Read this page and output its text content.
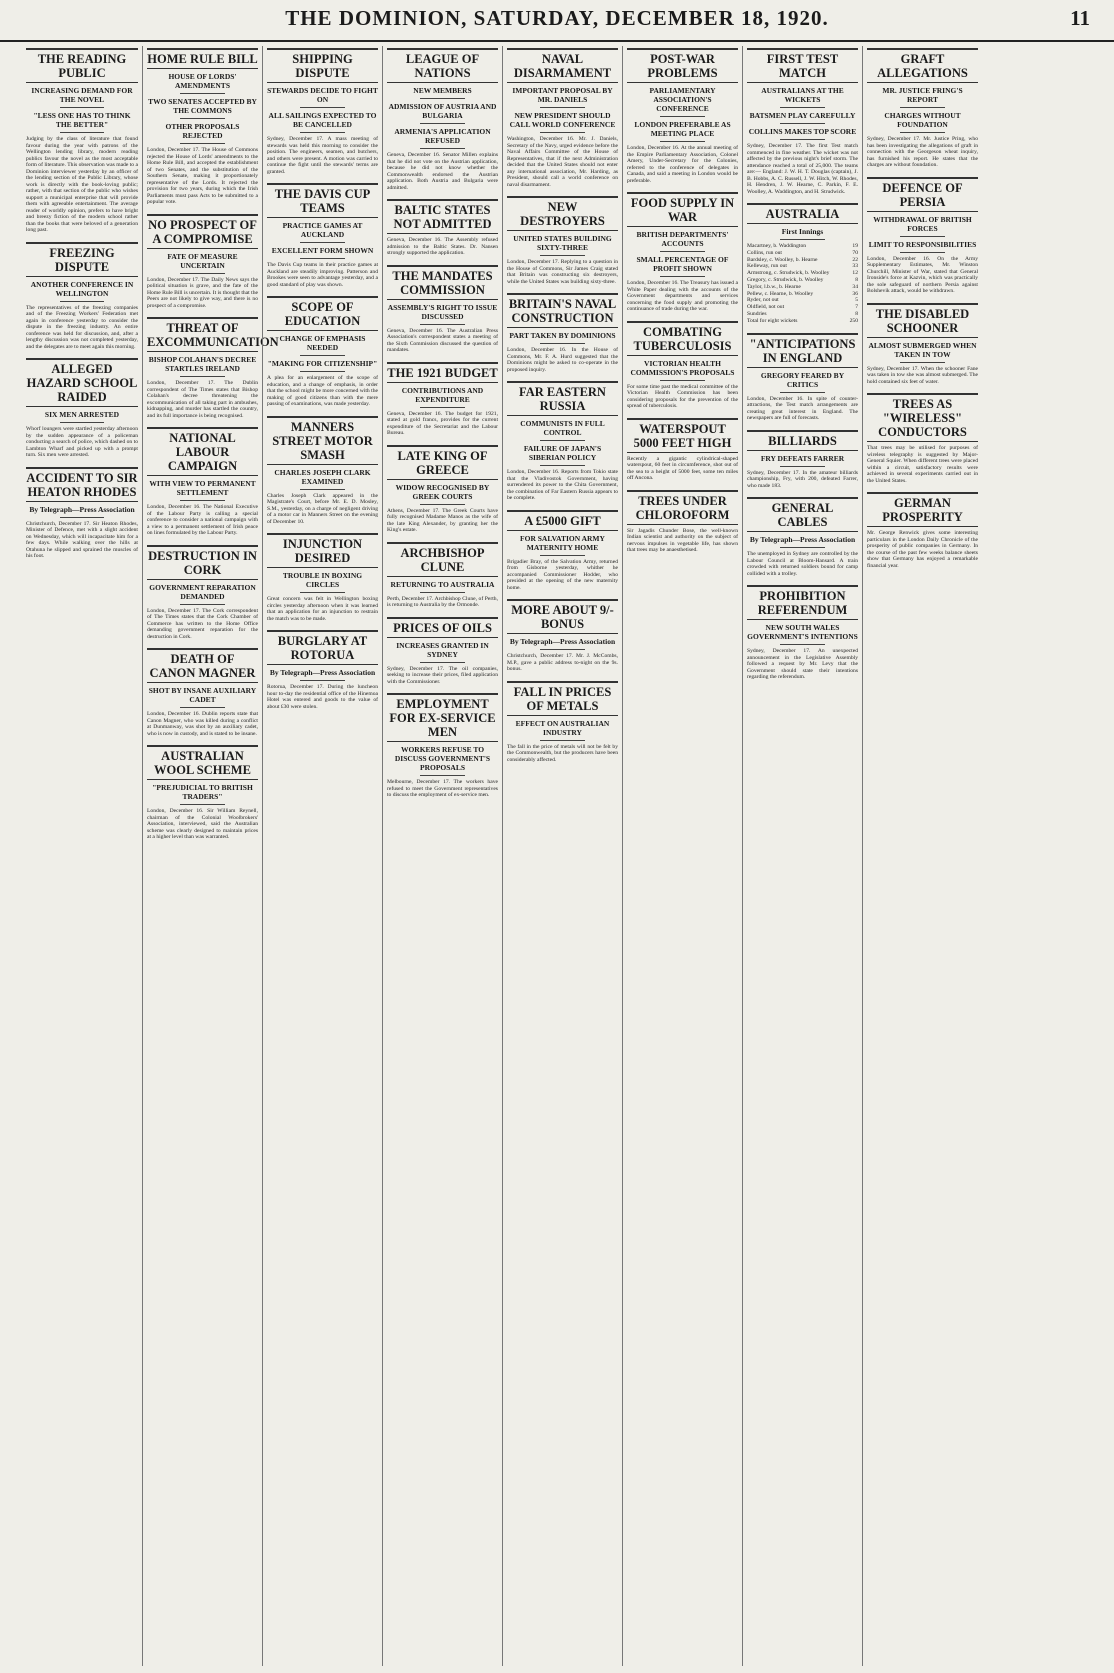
THE DOMINION, SATURDAY, DECEMBER 18, 1920.	11
THE READING PUBLIC
INCREASING DEMAND FOR THE NOVEL
"LESS ONE HAS TO THINK THE BETTER"
Judging by the class of literature that found favour during the year with patrons of the Wellington lending library, modern reading publics favour the novel as the most acceptable form of literature. This observation was made to a Dominion interviewer yesterday by an officer of the lending section of the Public Library, whose work is directly with the book-loving public; rather, with that section of the public who wishes support a municipal enterprise that will provide them with agreeable entertainment. The average reader of worldly opinion, prefers to have bright and breezy fiction of the modern school rather than the books that were beloved of a generation long past.
FREEZING DISPUTE
ANOTHER CONFERENCE IN WELLINGTON
The representatives of the freezing companies and of the Freezing Workers' Federation met again in conference yesterday to consider the dispute in the freezing industry. An entire conference was held for discussion, and, after a lengthy discussion was not completed yesterday, and the delegates are to meet again this morning.
ALLEGED HAZARD SCHOOL RAIDED
SIX MEN ARRESTED
Whorf loungers were startled yesterday afternoon by the sudden appearance of a policeman conducting a search of police, which dashed on to Lambton Wharf and picked up with a prompt turn. Six men were arrested.
ACCIDENT TO SIR HEATON RHODES
By Telegraph—Press Association
Christchurch, December 17. Sir Heaton Rhodes, Minister of Defence, met with a slight accident on Wednesday, which will incapacitate him for a few days. While walking over the hills at Otahuna he slipped and sprained the muscles of his foot.
HOME RULE BILL
HOUSE OF LORDS' AMENDMENTS
TWO SENATES ACCEPTED BY THE COMMONS
OTHER PROPOSALS REJECTED
London, December 17. The House of Commons rejected the House of Lords' amendments to the Home Rule Bill, and accepted the establishment of two Senates, and the substitution of the Southern Senate, making it proportionately representative of the Lords. It rejected the provision for two years, during which the Irish Parliaments must pass Acts to be submitted to a popular vote.
NO PROSPECT OF A COMPROMISE
FATE OF MEASURE UNCERTAIN
London, December 17. The Daily News says the political situation is grave, and the fate of the Home Rule Bill is uncertain. It is thought that the Peers are not likely to give way, and there is no prospect of a compromise.
THREAT OF EXCOMMUNICATION
BISHOP COLAHAN'S DECREE STARTLES IRELAND
London, December 17. The Dublin correspondent of The Times states that Bishop Colahan's decree threatening the excommunication of all taking part in ambushes, kidnapping, and murder has startled the country, and its full importance is being recognised.
NATIONAL LABOUR CAMPAIGN
WITH VIEW TO PERMANENT SETTLEMENT
London, December 16. The National Executive of the Labour Party is calling a special conference to consider a national campaign with a view to a permanent settlement of Irish peace on lines formulated by the Labour Party.
DESTRUCTION IN CORK
GOVERNMENT REPARATION DEMANDED
London, December 17. The Cork correspondent of The Times states that the Cork Chamber of Commerce has written to the Home Office demanding government reparation for the destruction in Cork.
DEATH OF CANON MAGNER
SHOT BY INSANE AUXILIARY CADET
London, December 16. Dublin reports state that Canon Magner, who was killed during a conflict at Dunmanway, was shot by an auxiliary cadet, who is now in custody, and is stated to be insane.
AUSTRALIAN WOOL SCHEME
"PREJUDICIAL TO BRITISH TRADERS"
London, December 16. Sir William Reynell, chairman of the Colonial Woolbrokers' Association, interviewed, said the Australian scheme was clearly designed to maintain prices at a higher level than was warranted.
SHIPPING DISPUTE
STEWARDS DECIDE TO FIGHT ON
ALL SAILINGS EXPECTED TO BE CANCELLED
Sydney, December 17. A mass meeting of stewards was held this morning to consider the position. The engineers, seamen, and butchers, and others were present. A motion was carried to continue the fight until the stewards' terms are granted.
THE DAVIS CUP TEAMS
PRACTICE GAMES AT AUCKLAND
EXCELLENT FORM SHOWN
The Davis Cup teams in their practice games at Auckland are steadily improving. Patterson and Brookes were seen to advantage yesterday, and a good standard of play was shown.
SCOPE OF EDUCATION
CHANGE OF EMPHASIS NEEDED
"MAKING FOR CITIZENSHIP"
A plea for an enlargement of the scope of education, and a change of emphasis, in order that the school might be more concerned with the making of good citizens than with the mere passing of examinations, was made yesterday.
MANNERS STREET MOTOR SMASH
CHARLES JOSEPH CLARK EXAMINED
Charles Joseph Clark appeared in the Magistrate's Court, before Mr. E. D. Mosley, S.M., yesterday, on a charge of negligent driving of a motor car in Manners Street on the evening of December 10.
INJUNCTION DESIRED
TROUBLE IN BOXING CIRCLES
Great concern was felt in Wellington boxing circles yesterday afternoon when it was learned that an application for an injunction to restrain the match was to be made.
BURGLARY AT ROTORUA
By Telegraph—Press Association
Rotorua, December 17. During the luncheon hour to-day the residential office of the Hinemoa Hotel was entered and goods to the value of about £30 were stolen.
LEAGUE OF NATIONS
NEW MEMBERS
ADMISSION OF AUSTRIA AND BULGARIA
ARMENIA'S APPLICATION REFUSED
Geneva, December 16. Senator Millen explains that he did not vote on the Austrian application, because he did not know whether the Commonwealth endorsed the Austrian application. Both Austria and Bulgaria were admitted.
BALTIC STATES NOT ADMITTED
Geneva, December 16. The Assembly refused admission to the Baltic States. Dr. Nansen strongly supported the application.
THE MANDATES COMMISSION
ASSEMBLY'S RIGHT TO ISSUE DISCUSSED
Geneva, December 16. The Australian Press Association's correspondent states a meeting of the Sixth Commission discussed the question of mandates.
THE 1921 BUDGET
CONTRIBUTIONS AND EXPENDITURE
Geneva, December 16. The budget for 1921, stated at gold francs, provides for the current expenditure of the Secretariat and the Labour Bureau.
LATE KING OF GREECE
WIDOW RECOGNISED BY GREEK COURTS
Athens, December 17. The Greek Courts have fully recognised Madame Manos as the wife of the late King Alexander, by granting her the King's estate.
ARCHBISHOP CLUNE
RETURNING TO AUSTRALIA
Perth, December 17. Archbishop Clune, of Perth, is returning to Australia by the Ormonde.
PRICES OF OILS
INCREASES GRANTED IN SYDNEY
Sydney, December 17. The oil companies, seeking to increase their prices, filed application with the Commissioner.
EMPLOYMENT FOR EX-SERVICE MEN
WORKERS REFUSE TO DISCUSS GOVERNMENT'S PROPOSALS
Melbourne, December 17. The workers have refused to meet the Government representatives to discuss the employment of ex-service men.
NAVAL DISARMAMENT
IMPORTANT PROPOSAL BY MR. DANIELS
NEW PRESIDENT SHOULD CALL WORLD CONFERENCE
Washington, December 16. Mr. J. Daniels, Secretary of the Navy, urged evidence before the Naval Affairs Committee of the House of Representatives, that if the next Administration decided that the United States should not enter any international association, Mr. Harding, as President, should call a world conference on naval disarmament.
NEW DESTROYERS
UNITED STATES BUILDING SIXTY-THREE
London, December 17. Replying to a question in the House of Commons, Sir James Craig stated that Britain was constructing six destroyers, while the United States was building sixty-three.
BRITAIN'S NAVAL CONSTRUCTION
PART TAKEN BY DOMINIONS
London, December 16. In the House of Commons, Mr. F. A. Hurd suggested that the Dominions might be asked to co-operate in the proposed inquiry.
FAR EASTERN RUSSIA
COMMUNISTS IN FULL CONTROL
FAILURE OF JAPAN'S SIBERIAN POLICY
London, December 16. Reports from Tokio state that the Vladivostok Government, having surrendered its power to the Chita Government, the combination of Far Eastern Russia appears to be complete.
A £5000 GIFT
FOR SALVATION ARMY MATERNITY HOME
Brigadier Bray, of the Salvation Army, returned from Gisborne yesterday, whither he accompanied Commissioner Hodder, who presided at the opening of the new maternity home.
MORE ABOUT 9/- BONUS
By Telegraph—Press Association
Christchurch, December 17. Mr. J. McCombs, M.P., gave a public address to-night on the 9s. bonus.
FALL IN PRICES OF METALS
EFFECT ON AUSTRALIAN INDUSTRY
The fall in the price of metals will not be felt by the Commonwealth, but the producers have been considerably affected.
POST-WAR PROBLEMS
PARLIAMENTARY ASSOCIATION'S CONFERENCE
LONDON PREFERABLE AS MEETING PLACE
London, December 16. At the annual meeting of the Empire Parliamentary Association, Colonel Amery, Under-Secretary for the Colonies, referred to the conference of delegates in Canada, and said a meeting in London would be preferable.
FOOD SUPPLY IN WAR
BRITISH DEPARTMENTS' ACCOUNTS
SMALL PERCENTAGE OF PROFIT SHOWN
London, December 16. The Treasury has issued a White Paper dealing with the accounts of the Government departments and services concerning the food supply and promoting the continuance of trade during the war.
COMBATING TUBERCULOSIS
VICTORIAN HEALTH COMMISSION'S PROPOSALS
For some time past the medical committee of the Victorian Health Commission has been considering proposals for the prevention of the spread of tuberculosis.
WATERSPOUT 5000 FEET HIGH
Recently a gigantic cylindrical-shaped waterspout, 60 feet in circumference, shot out of the sea to a height of 5000 feet, some ten miles off Ancona.
TREES UNDER CHLOROFORM
Sir Jagadis Chunder Bose, the well-known Indian scientist and authority on the subject of nervous impulses in vegetable life, has shown that trees may be anaesthetised.
FIRST TEST MATCH
AUSTRALIANS AT THE WICKETS
BATSMEN PLAY CAREFULLY
COLLINS MAKES TOP SCORE
Sydney, December 17. The first Test match commenced in fine weather. The wicket was not affected by the previous night's brief storm. The attendance reached a total of 25,000. The teams are:— England: J. W. H. T. Douglas (captain), J. B. Hobbs, A. C. Russell, J. W. Hitch, W. Rhodes, H. Hendren, J. W. Hearne, C. Parkin, F. E. Woolley, A. Waddington, and H. Strudwick.
AUSTRALIA
First Innings
Macartney, b. Waddington	19
Collins, run out	70
Bardsley, c. Woolley, b. Hearne	22
Kelleway, run out	33
Armstrong, c. Strudwick, b. Woolley	12
Gregory, c. Strudwick, b. Woolley	8
Taylor, l.b.w., b. Hearne	34
Pellew, c. Hearne, b. Woolley	36
Ryder, not out	5
Oldfield, not out	7
Sundries	8
Total for eight wickets	250
"ANTICIPATIONS IN ENGLAND
GREGORY FEARED BY CRITICS
London, December 16. In spite of counter-attractions, the Test match arrangements are creating great interest in England. The newspapers are full of forecasts.
BILLIARDS
FRY DEFEATS FARRER
Sydney, December 17. In the amateur billiards championship, Fry, with 200, defeated Farrer, who made 183.
GENERAL CABLES
By Telegraph—Press Association
The unemployed in Sydney are controlled by the Labour Council at Bloom-Hansard. A train crowded with returned soldiers bound for camp collided with a trolley.
PROHIBITION REFERENDUM
NEW SOUTH WALES GOVERNMENT'S INTENTIONS
Sydney, December 17. An unexpected announcement in the Legislative Assembly followed a request by Mr. Levy that the Government should state their intentions regarding the referendum.
GRAFT ALLEGATIONS
MR. JUSTICE FRING'S REPORT
CHARGES WITHOUT FOUNDATION
Sydney, December 17. Mr. Justice Pring, who has been investigating the allegations of graft in connection with the Georgeson wheat inquiry, has furnished his report. He states that the charges are without foundation.
DEFENCE OF PERSIA
WITHDRAWAL OF BRITISH FORCES
LIMIT TO RESPONSIBILITIES
London, December 16. On the Army Supplementary Estimates, Mr. Winston Churchill, Minister of War, stated that General Ironside's force at Kazvin, which was practically the sole safeguard of northern Persia against Bolshevik attack, would be withdrawn.
THE DISABLED SCHOONER
ALMOST SUBMERGED WHEN TAKEN IN TOW
Sydney, December 17. When the schooner Fane was taken in tow she was almost submerged. The hold contained six feet of water.
TREES AS "WIRELESS" CONDUCTORS
That trees may be utilised for purposes of wireless telegraphy is suggested by Major-General Squier. When different trees were placed within a circuit, satisfactory results were achieved in several experiments carried out in the United States.
GERMAN PROSPERITY
Mr. George Renwick gives some interesting particulars in the London Daily Chronicle of the prosperity of public companies in Germany. In the course of the past few weeks balance sheets show that Germany has enjoyed a remarkable financial year.
